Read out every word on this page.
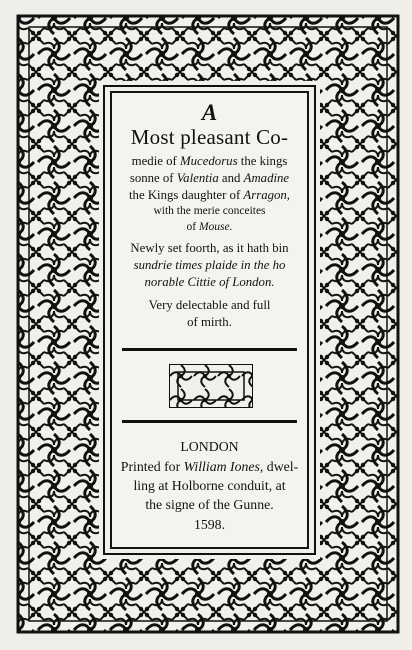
A
Most pleasant Co-
medie of Mucedorus the kings
sonne of Valentia and Amadine
the Kings daughter of Arragon,
with the merie conceites
of Mouse.
Newly set foorth, as it hath bin
sundrie times plaide in the ho
norable Cittie of London.
Very delectable and full
of mirth.
LONDON
Printed for William Iones, dwel-
ling at Holborne conduit, at
the signe of the Gunne.
1598.
